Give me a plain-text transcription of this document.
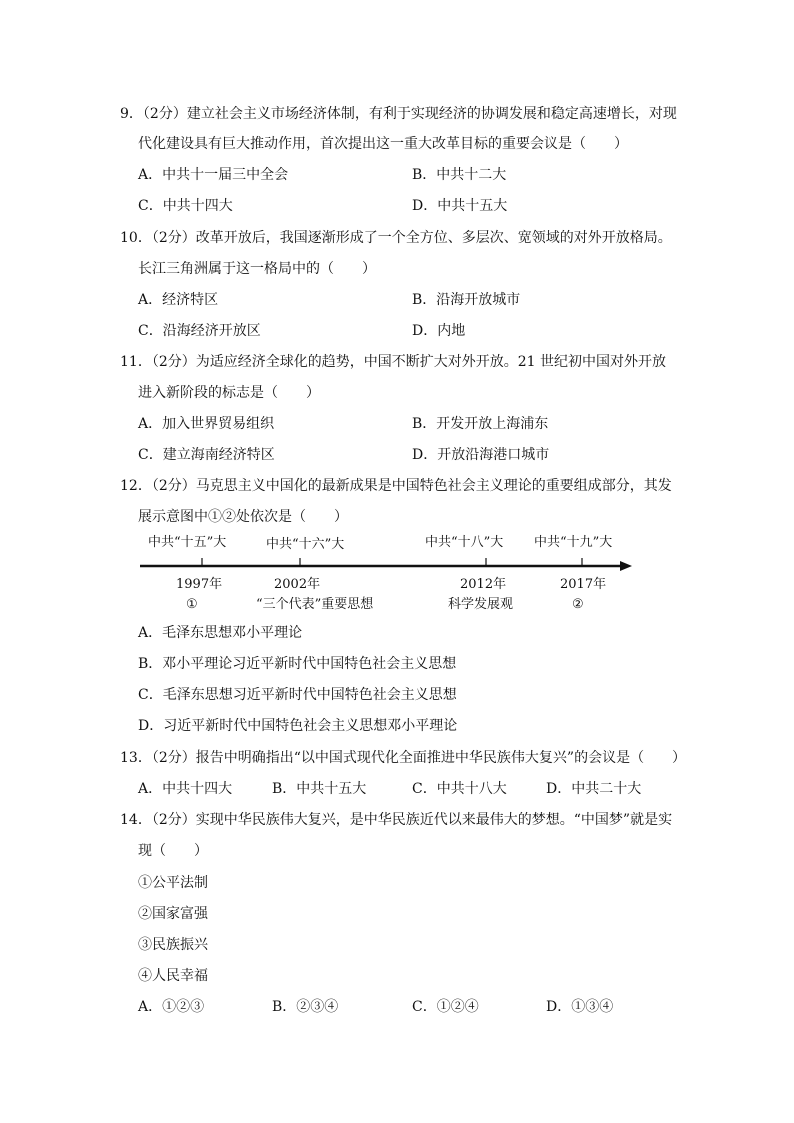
9．（2分）建立社会主义市场经济体制，有利于实现经济的协调发展和稳定高速增长，对现
代化建设具有巨大推动作用，首次提出这一重大改革目标的重要会议是（　　）
A．中共十一届三中全会	B．中共十二大
C．中共十四大	D．中共十五大
10．（2分）改革开放后，我国逐渐形成了一个全方位、多层次、宽领域的对外开放格局。
长江三角洲属于这一格局中的（　　）
A．经济特区	B．沿海开放城市
C．沿海经济开放区	D．内地
11．（2分）为适应经济全球化的趋势，中国不断扩大对外开放。21 世纪初中国对外开放
进入新阶段的标志是（　　）
A．加入世界贸易组织	B．开发开放上海浦东
C．建立海南经济特区	D．开放沿海港口城市
12．（2分）马克思主义中国化的最新成果是中国特色社会主义理论的重要组成部分，其发
展示意图中①②处依次是（　　）
中共“十五”大	中共“十六”大	中共“十八”大 中共“十九”大
1997年	2002年	2012年	2017年
①	“三个代表”重要思想	科学发展观	②
A．毛泽东思想邓小平理论
B．邓小平理论习近平新时代中国特色社会主义思想
C．毛泽东思想习近平新时代中国特色社会主义思想
D．习近平新时代中国特色社会主义思想邓小平理论
13．（2分）报告中明确指出“以中国式现代化全面推进中华民族伟大复兴”的会议是（　　）
A．中共十四大	B．中共十五大	C．中共十八大	D．中共二十大
14．（2分）实现中华民族伟大复兴，是中华民族近代以来最伟大的梦想。“中国梦”就是实
现（　　）
①公平法制
②国家富强
③民族振兴
④人民幸福
A．①②③	B．②③④	C．①②④	D．①③④
